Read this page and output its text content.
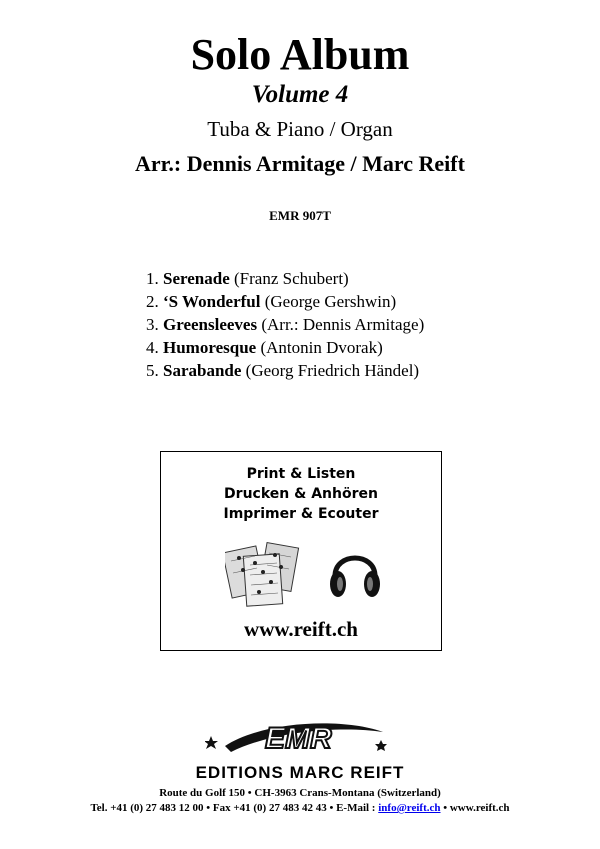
Solo Album
Volume 4
Tuba & Piano / Organ
Arr.: Dennis Armitage / Marc Reift
EMR 907T
1. Serenade (Franz Schubert)
2. ‘S Wonderful (George Gershwin)
3. Greensleeves (Arr.: Dennis Armitage)
4. Humoresque (Antonin Dvorak)
5. Sarabande (Georg Friedrich Händel)
Print & Listen
Drucken & Anhören
Imprimer & Ecouter
www.reift.ch
EMR
EDITIONS MARC REIFT
Route du Golf 150 • CH-3963 Crans-Montana (Switzerland)
Tel. +41 (0) 27 483 12 00 • Fax +41 (0) 27 483 42 43 • E-Mail : info@reift.ch • www.reift.ch
